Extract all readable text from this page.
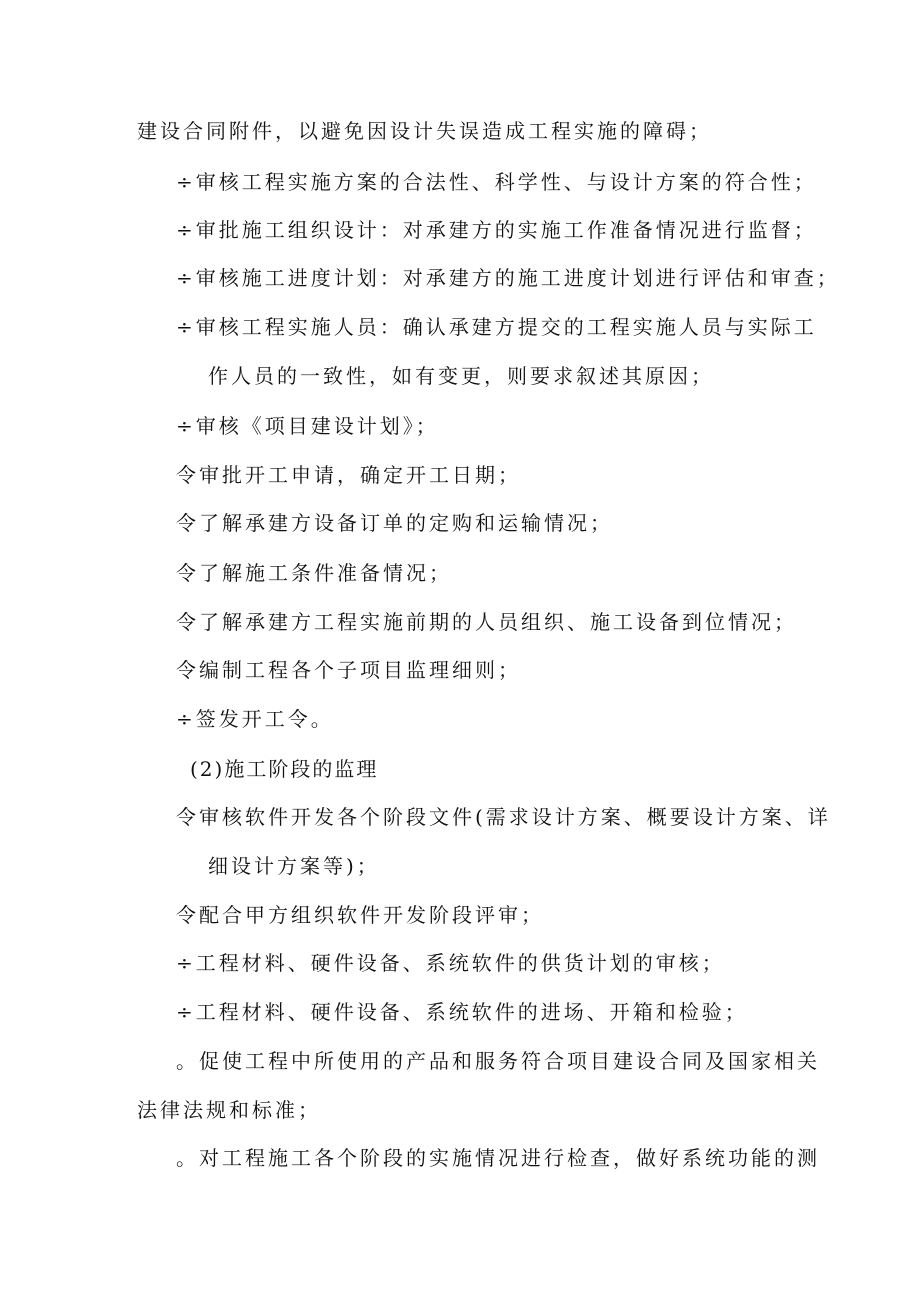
建设合同附件，以避免因设计失误造成工程实施的障碍；
÷审核工程实施方案的合法性、科学性、与设计方案的符合性；
÷审批施工组织设计：对承建方的实施工作准备情况进行监督；
÷审核施工进度计划：对承建方的施工进度计划进行评估和审查；
÷审核工程实施人员：确认承建方提交的工程实施人员与实际工
作人员的一致性，如有变更，则要求叙述其原因；
÷审核《项目建设计划》；
令审批开工申请，确定开工日期；
令了解承建方设备订单的定购和运输情况；
令了解施工条件准备情况；
令了解承建方工程实施前期的人员组织、施工设备到位情况；
令编制工程各个子项目监理细则；
÷签发开工令。
(2)施工阶段的监理
令审核软件开发各个阶段文件(需求设计方案、概要设计方案、详
细设计方案等)；
令配合甲方组织软件开发阶段评审；
÷工程材料、硬件设备、系统软件的供货计划的审核；
÷工程材料、硬件设备、系统软件的进场、开箱和检验；
。促使工程中所使用的产品和服务符合项目建设合同及国家相关
法律法规和标准；
。对工程施工各个阶段的实施情况进行检查，做好系统功能的测
